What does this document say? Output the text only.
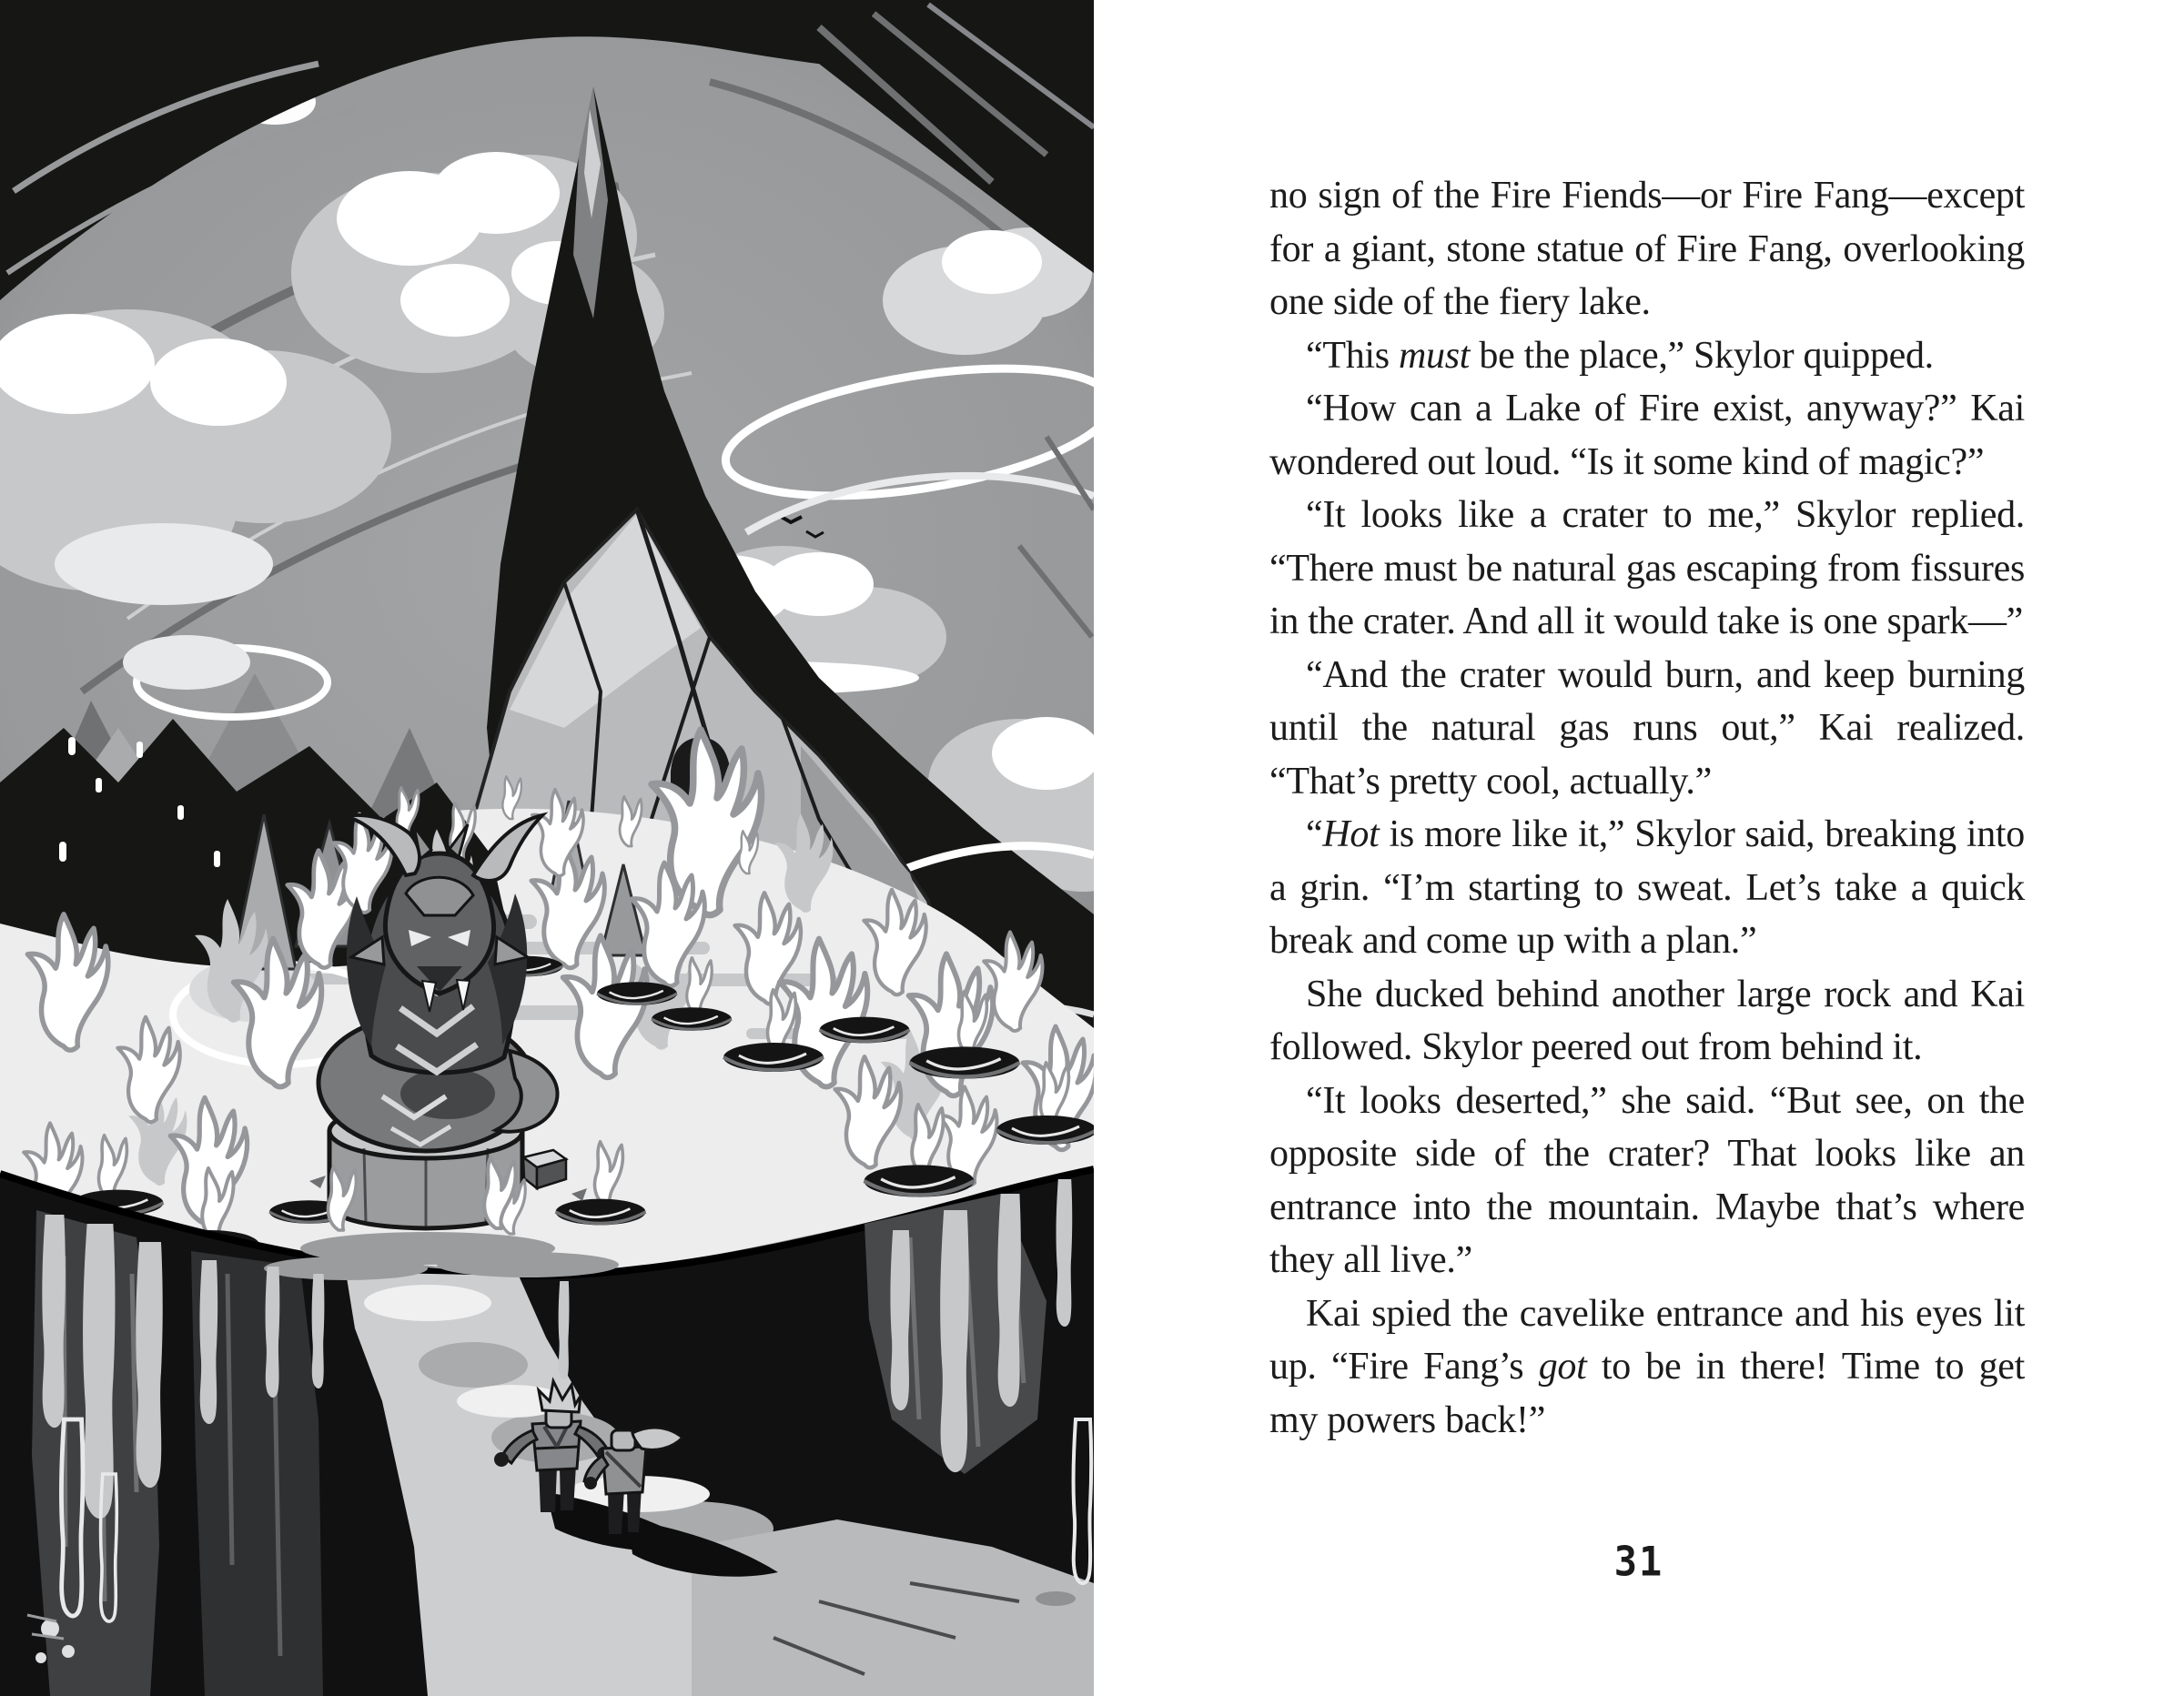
no sign of the Fire Fiends—or Fire Fang—except for a giant, stone statue of Fire Fang, overlooking one side of the fiery lake.

“This must be the place,” Skylor quipped.

“How can a Lake of Fire exist, anyway?” Kai wondered out loud. “Is it some kind of magic?”

“It looks like a crater to me,” Skylor replied. “There must be natural gas escaping from fissures in the crater. And all it would take is one spark—”

“And the crater would burn, and keep burning until the natural gas runs out,” Kai realized. “That’s pretty cool, actually.”

“Hot is more like it,” Skylor said, breaking into a grin. “I’m starting to sweat. Let’s take a quick break and come up with a plan.”

She ducked behind another large rock and Kai followed. Skylor peered out from behind it.

“It looks deserted,” she said. “But see, on the opposite side of the crater? That looks like an entrance into the mountain. Maybe that’s where they all live.”

Kai spied the cavelike entrance and his eyes lit up. “Fire Fang’s got to be in there! Time to get my powers back!”

31
